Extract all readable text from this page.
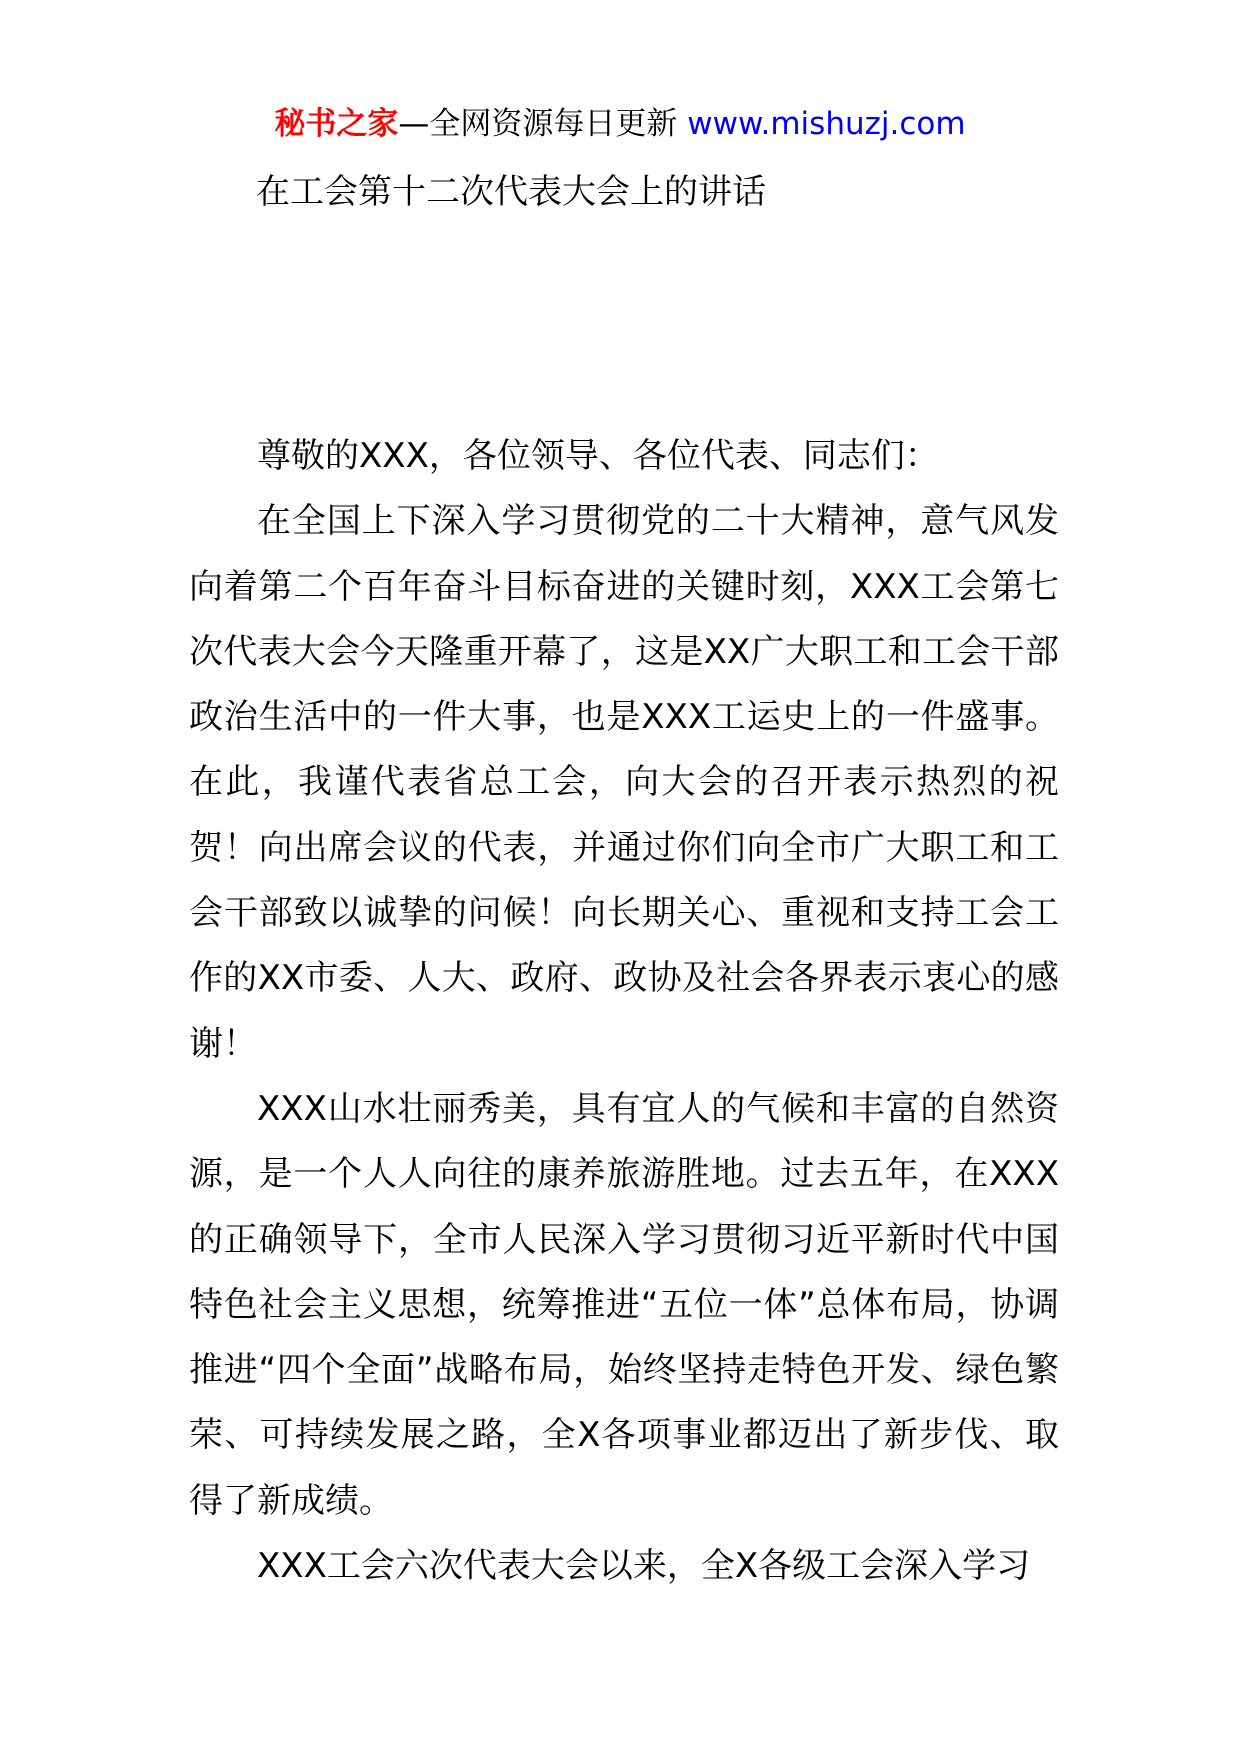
秘书之家—全网资源每日更新 www.mishuzj.com
在工会第十二次代表大会上的讲话

尊敬的XXX，各位领导、各位代表、同志们：

在全国上下深入学习贯彻党的二十大精神，意气风发向着第二个百年奋斗目标奋进的关键时刻，XXX工会第七次代表大会今天隆重开幕了，这是XX广大职工和工会干部政治生活中的一件大事，也是XXX工运史上的一件盛事。在此，我谨代表省总工会，向大会的召开表示热烈的祝贺！向出席会议的代表，并通过你们向全市广大职工和工会干部致以诚挚的问候！向长期关心、重视和支持工会工作的XX市委、人大、政府、政协及社会各界表示衷心的感谢！

XXX山水壮丽秀美，具有宜人的气候和丰富的自然资源，是一个人人向往的康养旅游胜地。过去五年，在XXX的正确领导下，全市人民深入学习贯彻习近平新时代中国特色社会主义思想，统筹推进“五位一体”总体布局，协调推进“四个全面”战略布局，始终坚持走特色开发、绿色繁荣、可持续发展之路，全X各项事业都迈出了新步伐、取得了新成绩。

XXX工会六次代表大会以来，全X各级工会深入学习
